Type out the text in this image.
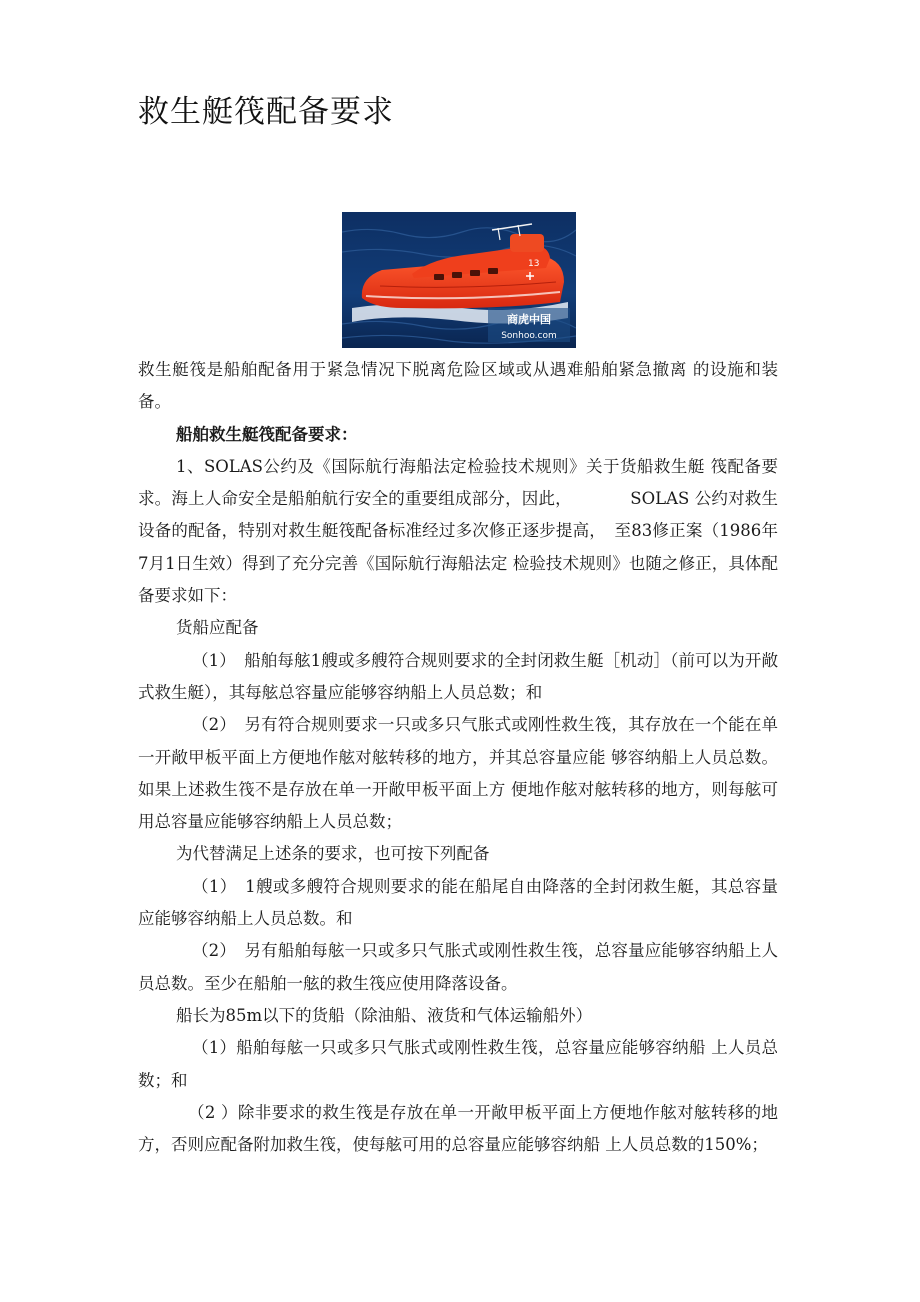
救生艇筏配备要求
13
商虎中国
Sonhoo.com

救生艇筏是船舶配备用于紧急情况下脱离危险区域或从遇难船舶紧急撤离 的设施和装备。

船舶救生艇筏配备要求：

1、SOLAS公约及《国际航行海船法定检验技术规则》关于货船救生艇 筏配备要求。海上人命安全是船舶航行安全的重要组成部分，因此，　　　　SOLAS 公约对救生设备的配备，特别对救生艇筏配备标准经过多次修正逐步提高，　至83修正案（1986年7月1日生效）得到了充分完善《国际航行海船法定 检验技术规则》也随之修正，具体配备要求如下：

货船应配备

（1）　船舶每舷1艘或多艘符合规则要求的全封闭救生艇［机动］（前可以为开敞式救生艇），其每舷总容量应能够容纳船上人员总数；和

（2）　另有符合规则要求一只或多只气胀式或刚性救生筏，其存放在一个能在单一开敞甲板平面上方便地作舷对舷转移的地方，并其总容量应能 够容纳船上人员总数。如果上述救生筏不是存放在单一开敞甲板平面上方 便地作舷对舷转移的地方，则每舷可用总容量应能够容纳船上人员总数；

为代替满足上述条的要求，也可按下列配备

（1）　1艘或多艘符合规则要求的能在船尾自由降落的全封闭救生艇，其总容量应能够容纳船上人员总数。和

（2）　另有船舶每舷一只或多只气胀式或刚性救生筏，总容量应能够容纳船上人员总数。至少在船舶一舷的救生筏应使用降落设备。

船长为85m以下的货船（除油船、液货和气体运输船外）

（1）船舶每舷一只或多只气胀式或刚性救生筏，总容量应能够容纳船 上人员总数；和

（2 ）除非要求的救生筏是存放在单一开敞甲板平面上方便地作舷对舷转移的地方，否则应配备附加救生筏，使每舷可用的总容量应能够容纳船 上人员总数的150%；
